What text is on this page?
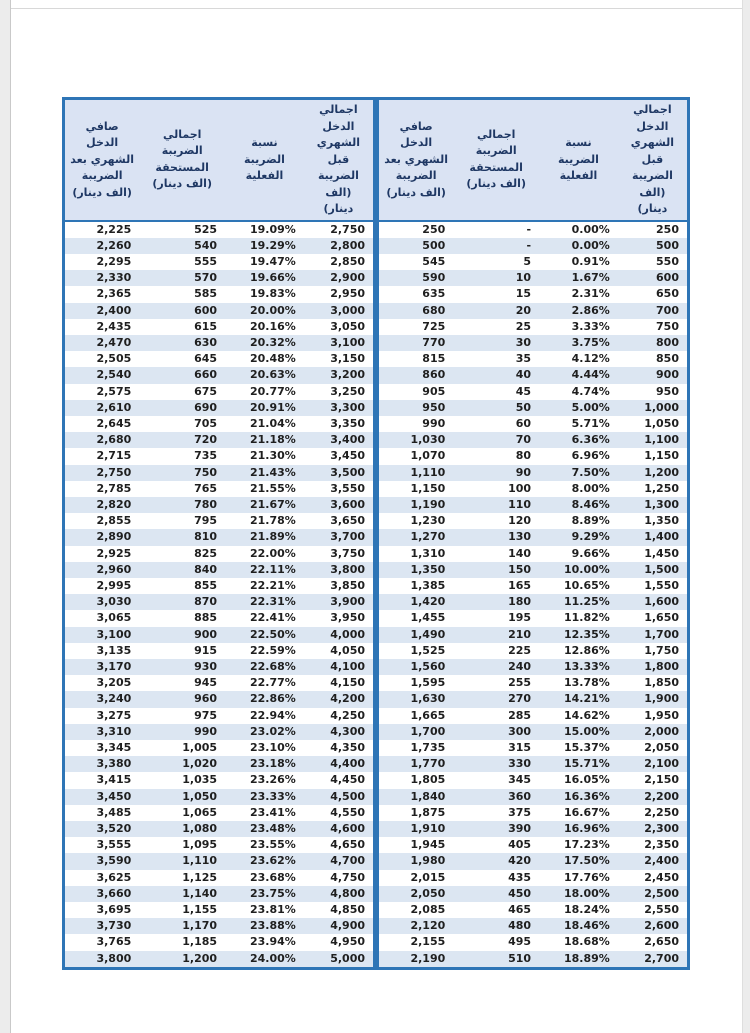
اجمالي الدخل الشهري قبل الضريبة (الف دينار)	نسبة الضريبة الفعلية	اجمالي الضريبة المستحقة (الف دينار)	صافي الدخل الشهري بعد الضريبة (الف دينار)
250	0.00%	-	250
500	0.00%	-	500
550	0.91%	5	545
600	1.67%	10	590
650	2.31%	15	635
700	2.86%	20	680
750	3.33%	25	725
800	3.75%	30	770
850	4.12%	35	815
900	4.44%	40	860
950	4.74%	45	905
1,000	5.00%	50	950
1,050	5.71%	60	990
1,100	6.36%	70	1,030
1,150	6.96%	80	1,070
1,200	7.50%	90	1,110
1,250	8.00%	100	1,150
1,300	8.46%	110	1,190
1,350	8.89%	120	1,230
1,400	9.29%	130	1,270
1,450	9.66%	140	1,310
1,500	10.00%	150	1,350
1,550	10.65%	165	1,385
1,600	11.25%	180	1,420
1,650	11.82%	195	1,455
1,700	12.35%	210	1,490
1,750	12.86%	225	1,525
1,800	13.33%	240	1,560
1,850	13.78%	255	1,595
1,900	14.21%	270	1,630
1,950	14.62%	285	1,665
2,000	15.00%	300	1,700
2,050	15.37%	315	1,735
2,100	15.71%	330	1,770
2,150	16.05%	345	1,805
2,200	16.36%	360	1,840
2,250	16.67%	375	1,875
2,300	16.96%	390	1,910
2,350	17.23%	405	1,945
2,400	17.50%	420	1,980
2,450	17.76%	435	2,015
2,500	18.00%	450	2,050
2,550	18.24%	465	2,085
2,600	18.46%	480	2,120
2,650	18.68%	495	2,155
2,700	18.89%	510	2,190
اجمالي الدخل الشهري قبل الضريبة (الف دينار)	نسبة الضريبة الفعلية	اجمالي الضريبة المستحقة (الف دينار)	صافي الدخل الشهري بعد الضريبة (الف دينار)
2,750	19.09%	525	2,225
2,800	19.29%	540	2,260
2,850	19.47%	555	2,295
2,900	19.66%	570	2,330
2,950	19.83%	585	2,365
3,000	20.00%	600	2,400
3,050	20.16%	615	2,435
3,100	20.32%	630	2,470
3,150	20.48%	645	2,505
3,200	20.63%	660	2,540
3,250	20.77%	675	2,575
3,300	20.91%	690	2,610
3,350	21.04%	705	2,645
3,400	21.18%	720	2,680
3,450	21.30%	735	2,715
3,500	21.43%	750	2,750
3,550	21.55%	765	2,785
3,600	21.67%	780	2,820
3,650	21.78%	795	2,855
3,700	21.89%	810	2,890
3,750	22.00%	825	2,925
3,800	22.11%	840	2,960
3,850	22.21%	855	2,995
3,900	22.31%	870	3,030
3,950	22.41%	885	3,065
4,000	22.50%	900	3,100
4,050	22.59%	915	3,135
4,100	22.68%	930	3,170
4,150	22.77%	945	3,205
4,200	22.86%	960	3,240
4,250	22.94%	975	3,275
4,300	23.02%	990	3,310
4,350	23.10%	1,005	3,345
4,400	23.18%	1,020	3,380
4,450	23.26%	1,035	3,415
4,500	23.33%	1,050	3,450
4,550	23.41%	1,065	3,485
4,600	23.48%	1,080	3,520
4,650	23.55%	1,095	3,555
4,700	23.62%	1,110	3,590
4,750	23.68%	1,125	3,625
4,800	23.75%	1,140	3,660
4,850	23.81%	1,155	3,695
4,900	23.88%	1,170	3,730
4,950	23.94%	1,185	3,765
5,000	24.00%	1,200	3,800
